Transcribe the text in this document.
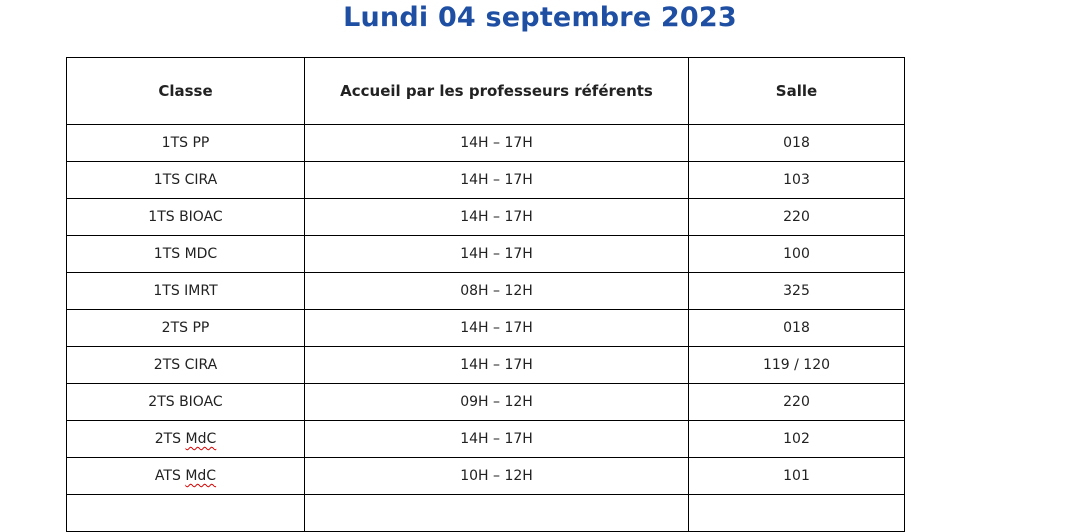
Lundi 04 septembre 2023
Classe	Accueil par les professeurs référents	Salle
1TS PP	14H – 17H	018
1TS CIRA	14H – 17H	103
1TS BIOAC	14H – 17H	220
1TS MDC	14H – 17H	100
1TS IMRT	08H – 12H	325
2TS PP	14H – 17H	018
2TS CIRA	14H – 17H	119 / 120
2TS BIOAC	09H – 12H	220
2TS MdC	14H – 17H	102
ATS MdC	10H – 12H	101
